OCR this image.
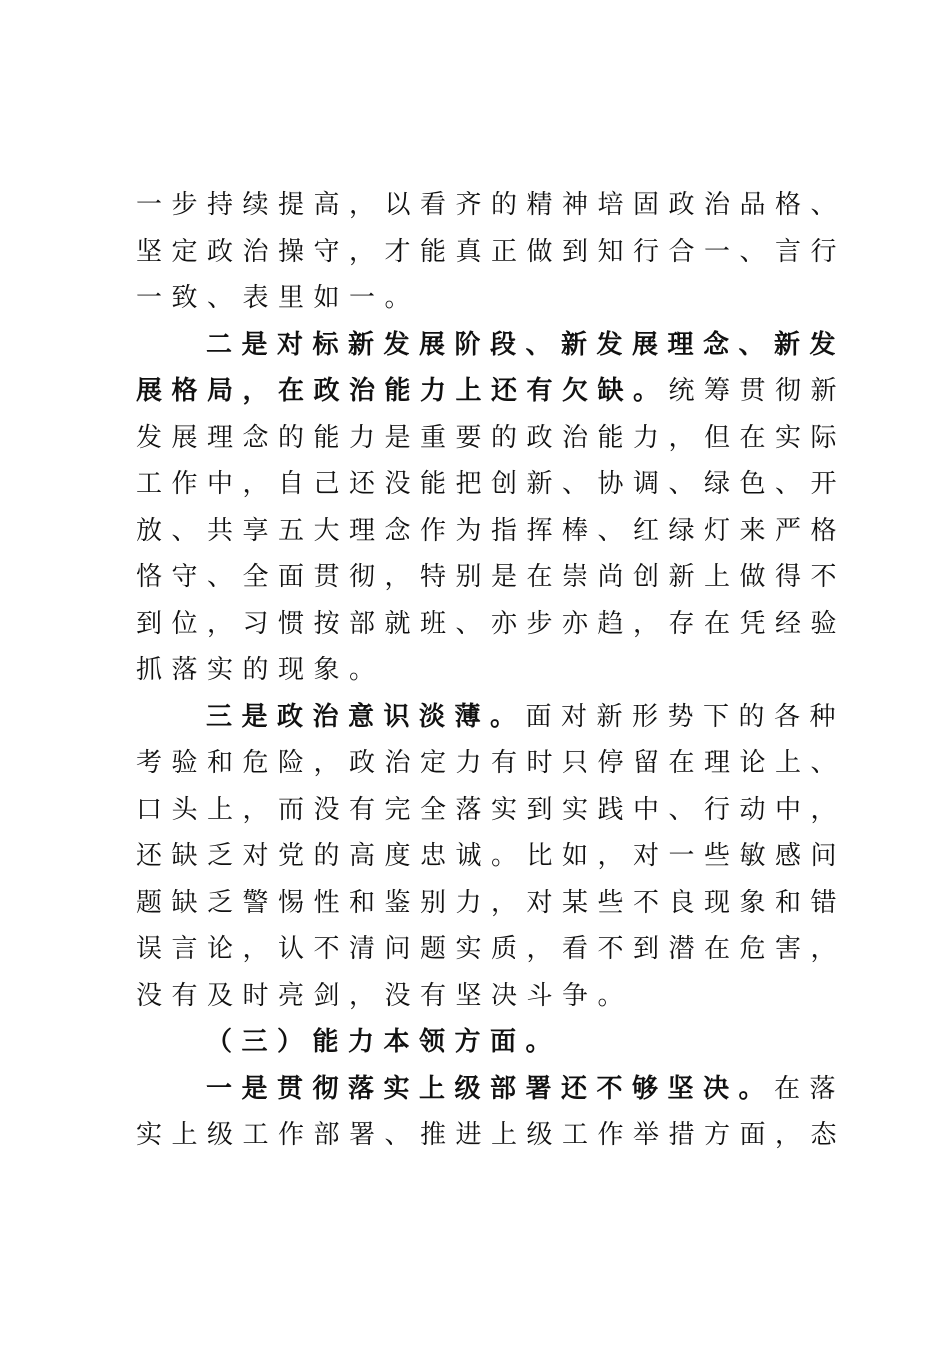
一步持续提高，以看齐的精神培固政治品格、
坚定政治操守，才能真正做到知行合一、言行
一致、表里如一。
二是对标新发展阶段、新发展理念、新发
展格局，在政治能力上还有欠缺。统筹贯彻新
发展理念的能力是重要的政治能力，但在实际
工作中，自己还没能把创新、协调、绿色、开
放、共享五大理念作为指挥棒、红绿灯来严格
恪守、全面贯彻，特别是在崇尚创新上做得不
到位，习惯按部就班、亦步亦趋，存在凭经验
抓落实的现象。
三是政治意识淡薄。面对新形势下的各种
考验和危险，政治定力有时只停留在理论上、
口头上，而没有完全落实到实践中、行动中，
还缺乏对党的高度忠诚。比如，对一些敏感问
题缺乏警惕性和鉴别力，对某些不良现象和错
误言论，认不清问题实质，看不到潜在危害，
没有及时亮剑，没有坚决斗争。
（三）能力本领方面。
一是贯彻落实上级部署还不够坚决。在落
实上级工作部署、推进上级工作举措方面，态
